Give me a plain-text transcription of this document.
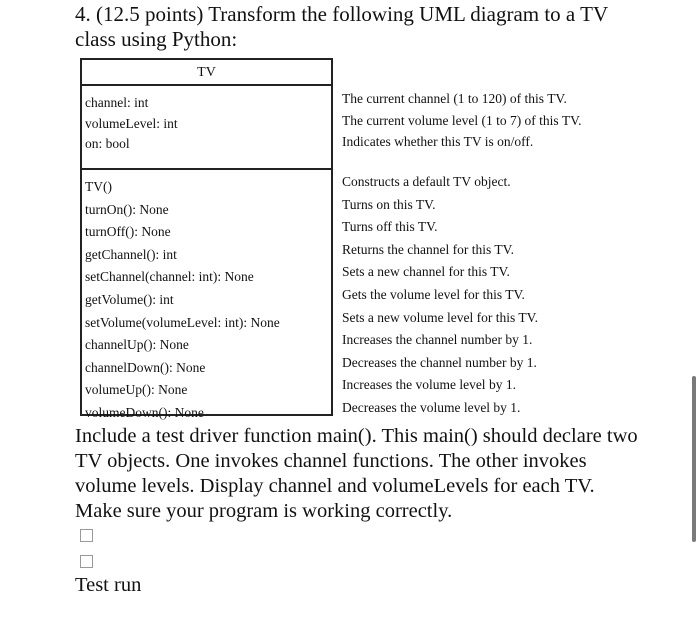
4. (12.5 points) Transform the following UML diagram to a TV class using Python:
TV
channel: int
volumeLevel: int
on: bool
TV()
turnOn(): None
turnOff(): None
getChannel(): int
setChannel(channel: int): None
getVolume(): int
setVolume(volumeLevel: int): None
channelUp(): None
channelDown(): None
volumeUp(): None
volumeDown(): None
The current channel (1 to 120) of this TV.
The current volume level (1 to 7) of this TV.
Indicates whether this TV is on/off.
Constructs a default TV object.
Turns on this TV.
Turns off this TV.
Returns the channel for this TV.
Sets a new channel for this TV.
Gets the volume level for this TV.
Sets a new volume level for this TV.
Increases the channel number by 1.
Decreases the channel number by 1.
Increases the volume level by 1.
Decreases the volume level by 1.

Include a test driver function main(). This main() should declare two TV objects. One invokes channel functions. The other invokes volume levels. Display channel and volumeLevels for each TV. Make sure your program is working correctly.

Test run
